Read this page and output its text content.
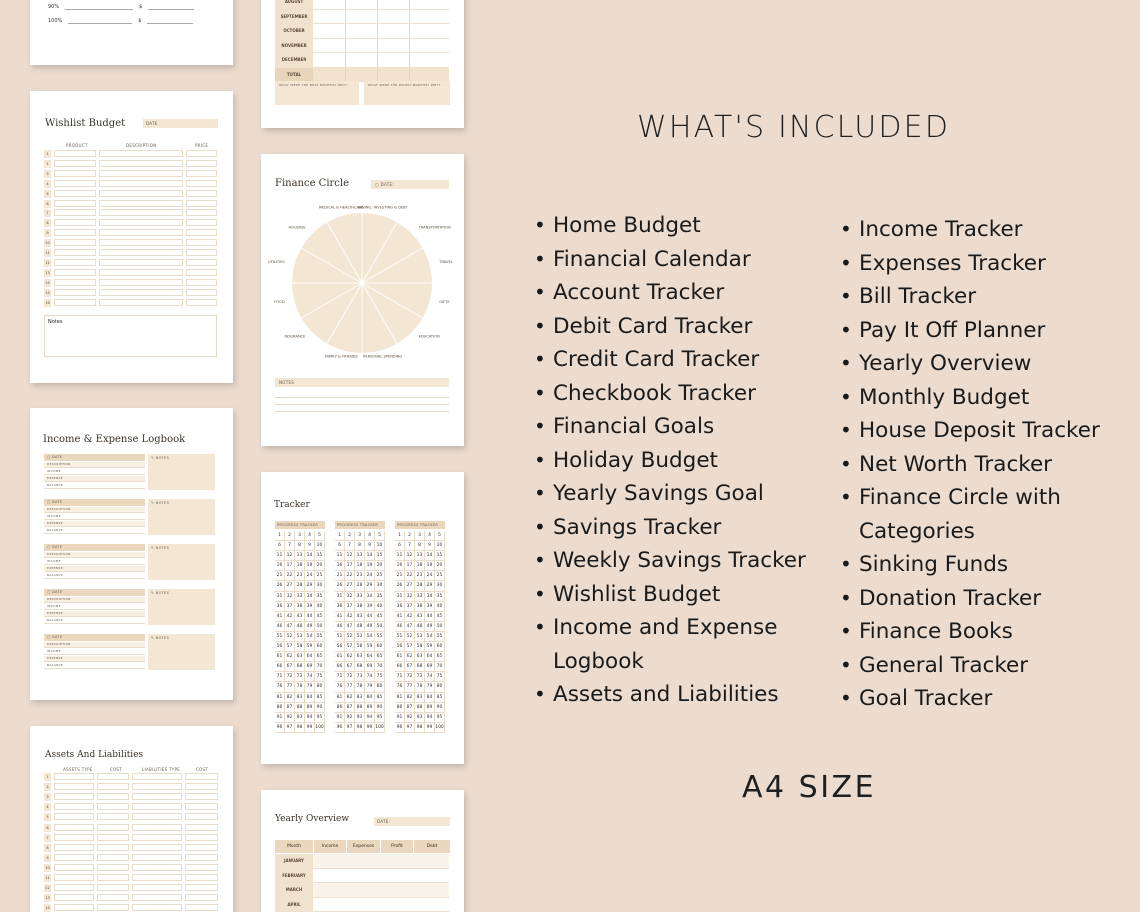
90%	$
100%	$
Wishlist Budget	DATE
PRODUCT	DESCRIPTION	PRICE
1
2
3
4
5
6
7
8
9
10
11
12
13
14
15
16
Notes
Income & Expense Logbook
▢ DATE
DESCRIPTION
INCOME
EXPENSE
BALANCE
✎ NOTES
▢ DATE
DESCRIPTION
INCOME
EXPENSE
BALANCE
✎ NOTES
▢ DATE
DESCRIPTION
INCOME
EXPENSE
BALANCE
✎ NOTES
▢ DATE
DESCRIPTION
INCOME
EXPENSE
BALANCE
✎ NOTES
▢ DATE
DESCRIPTION
INCOME
EXPENSE
BALANCE
✎ NOTES
Assets And Liabilities
ASSETS TYPE	COST	LIABILITIES TYPE	COST
1
2
3
4
5
6
7
8
9
10
11
12
13
14
AUGUST
SEPTEMBER
OCTOBER
NOVEMBER
DECEMBER
TOTAL
WHAT WERE THE BEST MONTHS? WHY?	WHAT WERE THE WORST MONTHS? WHY?
Finance Circle	▢ DATE:
MEDICAL & HEALTHCARE
SAVING, INVESTING & DEBT
TRANSPORTATION
TRAVEL
GIFTS
EDUCATION
PERSONAL SPENDING
FAMILY & FRIENDS
INSURANCE
FOOD
UTILITIES
HOUSING
NOTES
Tracker
PROGRESS TRACKER
1	2	3	4	5
6	7	8	9	10
11 12 13 14 15
16 17 18 19 20
21 22 23 24 25
26 27 28 29 30
31 32 33 34 35
36 37 38 39 40
41 42 43 44 45
46 47 48 49 50
51 52 53 54 55
56 57 58 59 60
61 62 63 64 65
66 67 68 69 70
71 72 73 74 75
76 77 78 79 80
81 82 83 84 85
86 87 88 89 90
91 92 93 94 95
96 97 98 99 100
PROGRESS TRACKER
1	2	3	4	5
6	7	8	9	10
11 12 13 14 15
16 17 18 19 20
21 22 23 24 25
26 27 28 29 30
31 32 33 34 35
36 37 38 39 40
41 42 43 44 45
46 47 48 49 50
51 52 53 54 55
56 57 58 59 60
61 62 63 64 65
66 67 68 69 70
71 72 73 74 75
76 77 78 79 80
81 82 83 84 85
86 87 88 89 90
91 92 93 94 95
96 97 98 99 100
PROGRESS TRACKER
1	2	3	4	5
6	7	8	9	10
11 12 13 14 15
16 17 18 19 20
21 22 23 24 25
26 27 28 29 30
31 32 33 34 35
36 37 38 39 40
41 42 43 44 45
46 47 48 49 50
51 52 53 54 55
56 57 58 59 60
61 62 63 64 65
66 67 68 69 70
71 72 73 74 75
76 77 78 79 80
81 82 83 84 85
86 87 88 89 90
91 92 93 94 95
96 97 98 99 100
Yearly Overview	DATE:
Month	Income	Expenses	Profit	Debt
JANUARY
FEBRUARY
MARCH
APRIL
WHAT'S INCLUDED
• Home Budget
• Financial Calendar
• Account Tracker
• Debit Card Tracker
• Credit Card Tracker
• Checkbook Tracker
• Financial Goals
• Holiday Budget
• Yearly Savings Goal
• Savings Tracker
• Weekly Savings Tracker
• Wishlist Budget
• Income and Expense Logbook
• Assets and Liabilities
• Income Tracker
• Expenses Tracker
• Bill Tracker
• Pay It Off Planner
• Yearly Overview
• Monthly Budget
• House Deposit Tracker
• Net Worth Tracker
• Finance Circle with Categories
• Sinking Funds
• Donation Tracker
• Finance Books
• General Tracker
• Goal Tracker
A4 SIZE
